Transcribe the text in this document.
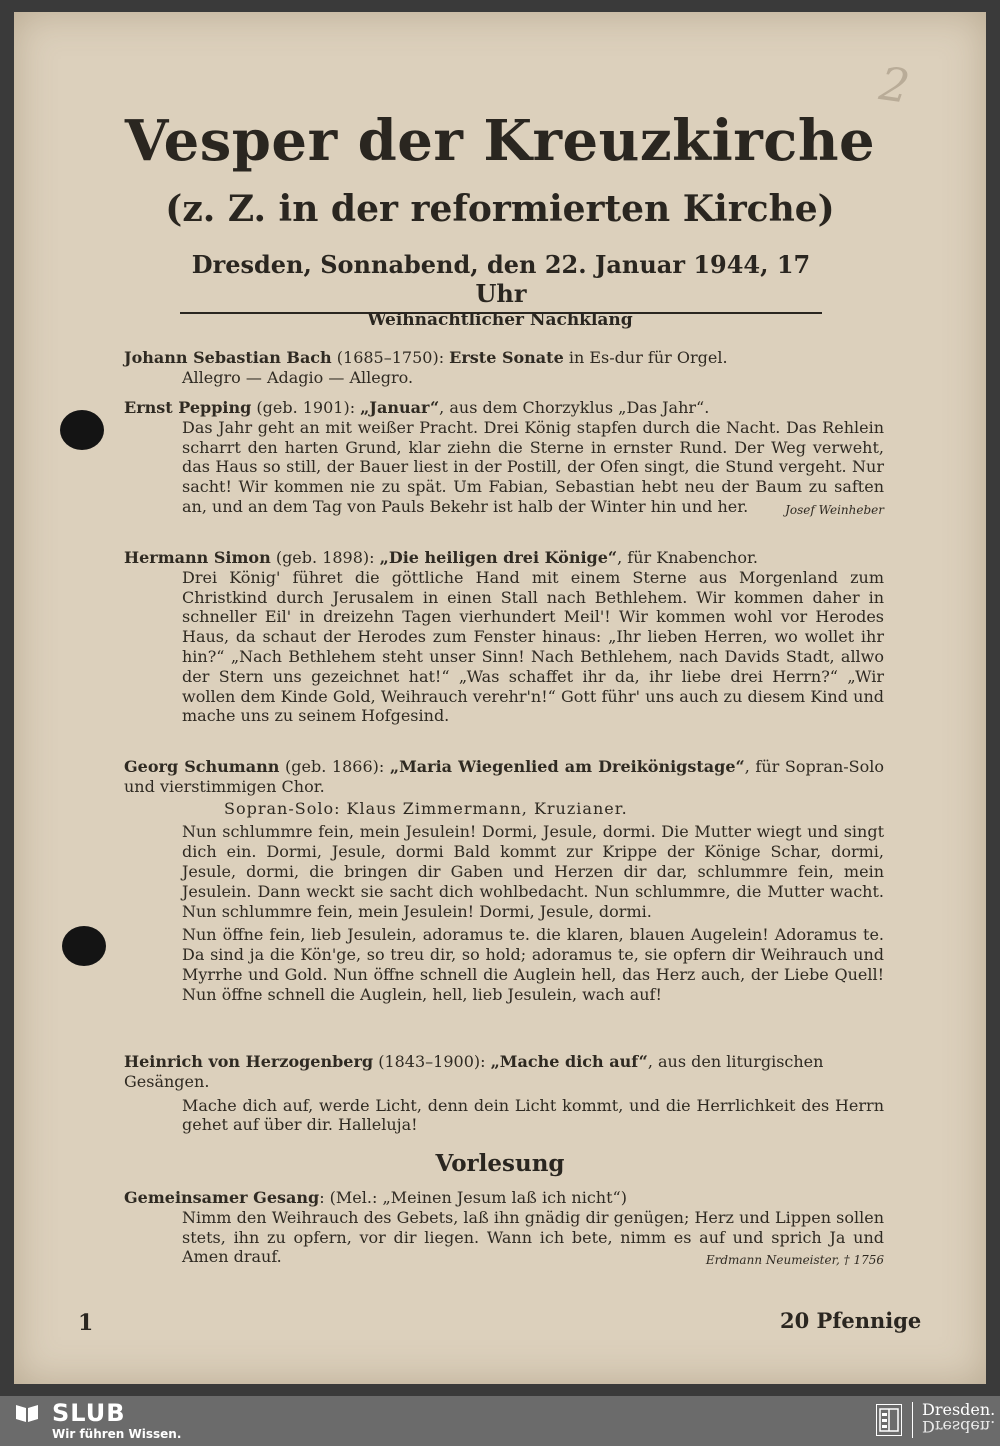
2
Vesper der Kreuzkirche
(z. Z. in der reformierten Kirche)
Dresden, Sonnabend, den 22. Januar 1944, 17 Uhr
Weihnachtlicher Nachklang

Johann Sebastian Bach (1685–1750): Erste Sonate in Es-dur für Orgel.

Allegro — Adagio — Allegro.

Ernst Pepping (geb. 1901): „Januar“, aus dem Chorzyklus „Das Jahr“.

Das Jahr geht an mit weißer Pracht. Drei König stapfen durch die Nacht. Das Rehlein scharrt den harten Grund, klar ziehn die Sterne in ernster Rund. Der Weg verweht, das Haus so still, der Bauer liest in der Postill, der Ofen singt, die Stund vergeht. Nur sacht! Wir kommen nie zu spät. Um Fabian, Sebastian hebt neu der Baum zu saften an, und an dem Tag von Pauls Bekehr ist halb der Winter hin und her.	Josef Weinheber

Hermann Simon (geb. 1898): „Die heiligen drei Könige“, für Knabenchor.

Drei König' führet die göttliche Hand mit einem Sterne aus Morgenland zum Christkind durch Jerusalem in einen Stall nach Bethlehem. Wir kommen daher in schneller Eil' in dreizehn Tagen vierhundert Meil'! Wir kommen wohl vor Herodes Haus, da schaut der Herodes zum Fenster hinaus: „Ihr lieben Herren, wo wollet ihr hin?“ „Nach Bethlehem steht unser Sinn! Nach Bethlehem, nach Davids Stadt, allwo der Stern uns gezeichnet hat!“ „Was schaffet ihr da, ihr liebe drei Herrn?“ „Wir wollen dem Kinde Gold, Weihrauch verehr'n!“ Gott führ' uns auch zu diesem Kind und mache uns zu seinem Hofgesind.

Georg Schumann (geb. 1866): „Maria Wiegenlied am Dreikönigstage“, für Sopran-Solo und vierstimmigen Chor.

Sopran-Solo: Klaus Zimmermann, Kruzianer.

Nun schlummre fein, mein Jesulein! Dormi, Jesule, dormi. Die Mutter wiegt und singt dich ein. Dormi, Jesule, dormi Bald kommt zur Krippe der Könige Schar, dormi, Jesule, dormi, die bringen dir Gaben und Herzen dir dar, schlummre fein, mein Jesulein. Dann weckt sie sacht dich wohlbedacht. Nun schlummre, die Mutter wacht. Nun schlummre fein, mein Jesulein! Dormi, Jesule, dormi.

Nun öffne fein, lieb Jesulein, adoramus te. die klaren, blauen Augelein! Adoramus te. Da sind ja die Kön'ge, so treu dir, so hold; adoramus te, sie opfern dir Weihrauch und Myrrhe und Gold. Nun öffne schnell die Auglein hell, das Herz auch, der Liebe Quell! Nun öffne schnell die Auglein, hell, lieb Jesulein, wach auf!

Heinrich von Herzogenberg (1843–1900): „Mache dich auf“, aus den liturgischen Gesängen.

Mache dich auf, werde Licht, denn dein Licht kommt, und die Herrlichkeit des Herrn gehet auf über dir. Halleluja!

Vorlesung

Gemeinsamer Gesang: (Mel.: „Meinen Jesum laß ich nicht“)

Nimm den Weihrauch des Gebets, laß ihn gnädig dir genügen; Herz und Lippen sollen stets, ihn zu opfern, vor dir liegen. Wann ich bete, nimm es auf und sprich Ja und Amen drauf.	Erdmann Neumeister, † 1756

1	20 Pfennige
SLUB
Wir führen Wissen.
Dresden.
Dresden.
